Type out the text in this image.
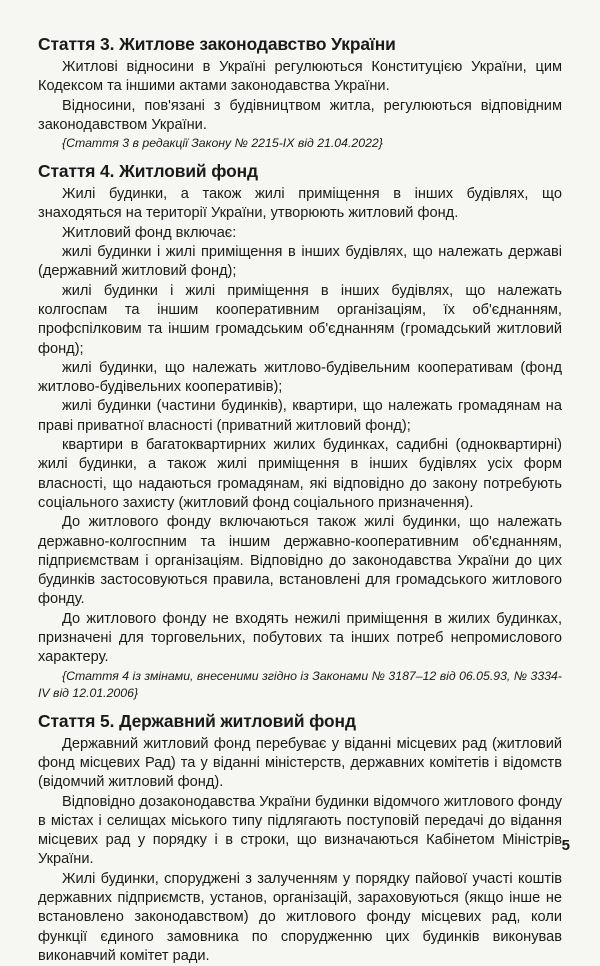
Стаття 3. Житлове законодавство України

Житлові відносини в Україні регулюються Конституцією України, цим Кодексом та іншими актами законодавства України.

Відносини, пов'язані з будівництвом житла, регулюються відповідним законодавством України.

{Стаття 3 в редакції Закону № 2215-IX від 21.04.2022}

Стаття 4. Житловий фонд

Жилі будинки, а також жилі приміщення в інших будівлях, що знаходяться на території України, утворюють житловий фонд.

Житловий фонд включає:

жилі будинки і жилі приміщення в інших будівлях, що належать державі (державний житловий фонд);

жилі будинки і жилі приміщення в інших будівлях, що належать колгоспам та іншим кооперативним організаціям, їх об'єднанням, профспілковим та іншим громадським об'єднанням (громадський житловий фонд);

жилі будинки, що належать житлово-будівельним кооперативам (фонд житлово-будівельних кооперативів);

жилі будинки (частини будинків), квартири, що належать громадянам на праві приватної власності (приватний житловий фонд);

квартири в багатоквартирних жилих будинках, садибні (одноквартирні) жилі будинки, а також жилі приміщення в інших будівлях усіх форм власності, що надаються громадянам, які відповідно до закону потребують соціального захисту (житловий фонд соціального призначення).

До житлового фонду включаються також жилі будинки, що належать державно-колгоспним та іншим державно-кооперативним об'єднанням, підприємствам і організаціям. Відповідно до законодавства України до цих будинків застосовуються правила, встановлені для громадського житлового фонду.

До житлового фонду не входять нежилі приміщення в жилих будинках, призначені для торговельних, побутових та інших потреб непромислового характеру.

{Стаття 4 із змінами, внесеними згідно із Законами № 3187–12 від 06.05.93, № 3334-IV від 12.01.2006}

Стаття 5. Державний житловий фонд

Державний житловий фонд перебуває у віданні місцевих рад (житловий фонд місцевих Рад) та у віданні міністерств, державних комітетів і відомств (відомчий житловий фонд).

Відповідно дозаконодавства України будинки відомчого житлового фонду в містах і селищах міського типу підлягають поступовій передачі до відання місцевих рад у порядку і в строки, що визначаються Кабінетом Міністрів України.

Жилі будинки, споруджені з залученням у порядку пайової участі коштів державних підприємств, установ, організацій, зараховуються (якщо інше не встановлено законодавством) до житлового фонду місцевих рад, коли функції єдиного замовника по спорудженню цих будинків виконував виконавчий комітет ради.

5
